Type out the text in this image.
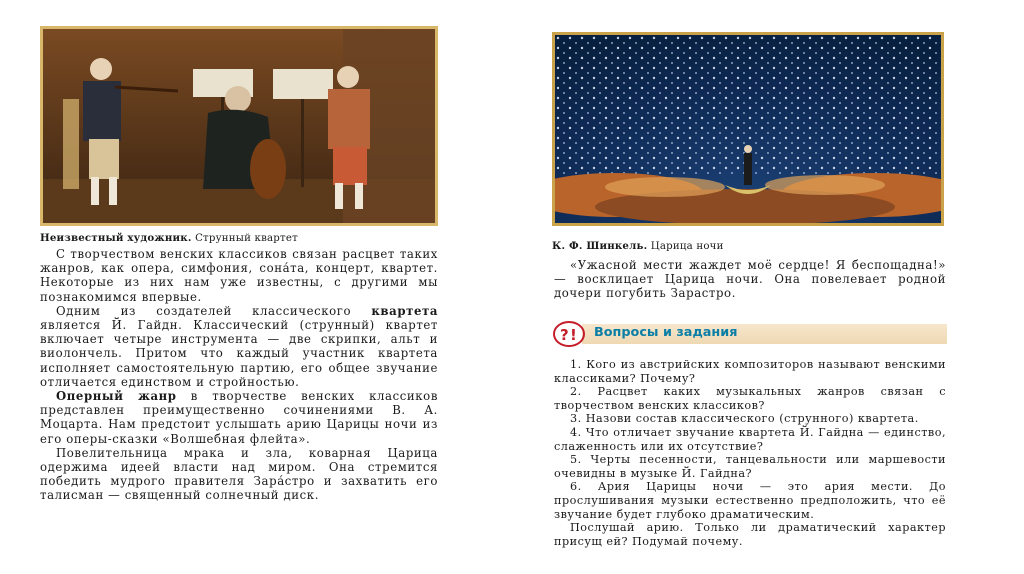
Неизвестный художник. Струнный квартет

С творчеством венских классиков связан расцвет таких жанров, как опера, симфония, сона́та, концерт, квартет. Некоторые из них нам уже известны, с другими мы познакомимся впервые.

Одним из создателей классического квартета является Й. Гайдн. Классический (струнный) квартет включает четыре инструмента — две скрипки, альт и виолончель. Притом что каждый участник квартета исполняет самостоятельную партию, его общее звучание отличается единством и стройностью.

Оперный жанр в творчестве венских классиков представлен преимущественно сочинениями В. А. Моцарта. Нам предстоит услышать арию Царицы ночи из его оперы-сказки «Волшебная флейта».

Повелительница мрака и зла, коварная Царица одержима идеей власти над миром. Она стремится победить мудрого правителя Зара́стро и захватить его талисман — священный солнечный диск.

К. Ф. Шинкель. Царица ночи

«Ужасной мести жаждет моё сердце! Я беспощадна!» — восклицает Царица ночи. Она повелевает родной дочери погубить Зарастро.

? ! Вопросы и задания

1. Кого из австрийских композиторов называют венскими классиками? Почему?

2. Расцвет каких музыкальных жанров связан с творчеством венских классиков?

3. Назови состав классического (струнного) квартета.

4. Что отличает звучание квартета Й. Гайдна — единство, слаженность или их отсутствие?

5. Черты песенности, танцевальности или маршевости очевидны в музыке Й. Гайдна?

6. Ария Царицы ночи — это ария мести. До прослушивания музыки естественно предположить, что её звучание будет глубоко драматическим.

Послушай арию. Только ли драматический характер присущ ей? Подумай почему.
